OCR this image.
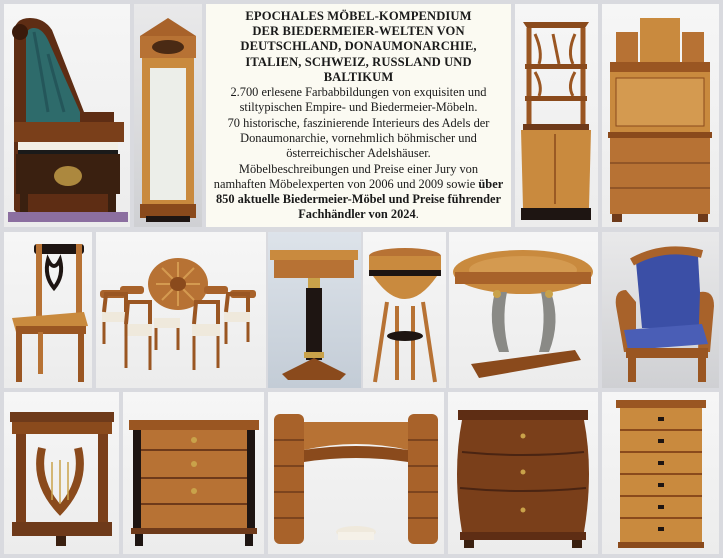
EPOCHALES MÖBEL-KOMPENDIUM
DER BIEDERMEIER-WELTEN VON
DEUTSCHLAND, DONAUMONARCHIE,
ITALIEN, SCHWEIZ, RUSSLAND UND BALTIKUM

2.700 erlesene Farbabbildungen von exquisiten und stiltypischen Empire- und Biedermeier-Möbeln.

70 historische, faszinierende Interieurs des Adels der Donaumonarchie, vornehmlich böhmischer und österreichischer Adelshäuser.

Möbelbeschreibungen und Preise einer Jury von namhaften Möbelexperten von 2006 und 2009 sowie über 850 aktuelle Biedermeier-Möbel und Preise führender Fachhändler von 2024.
